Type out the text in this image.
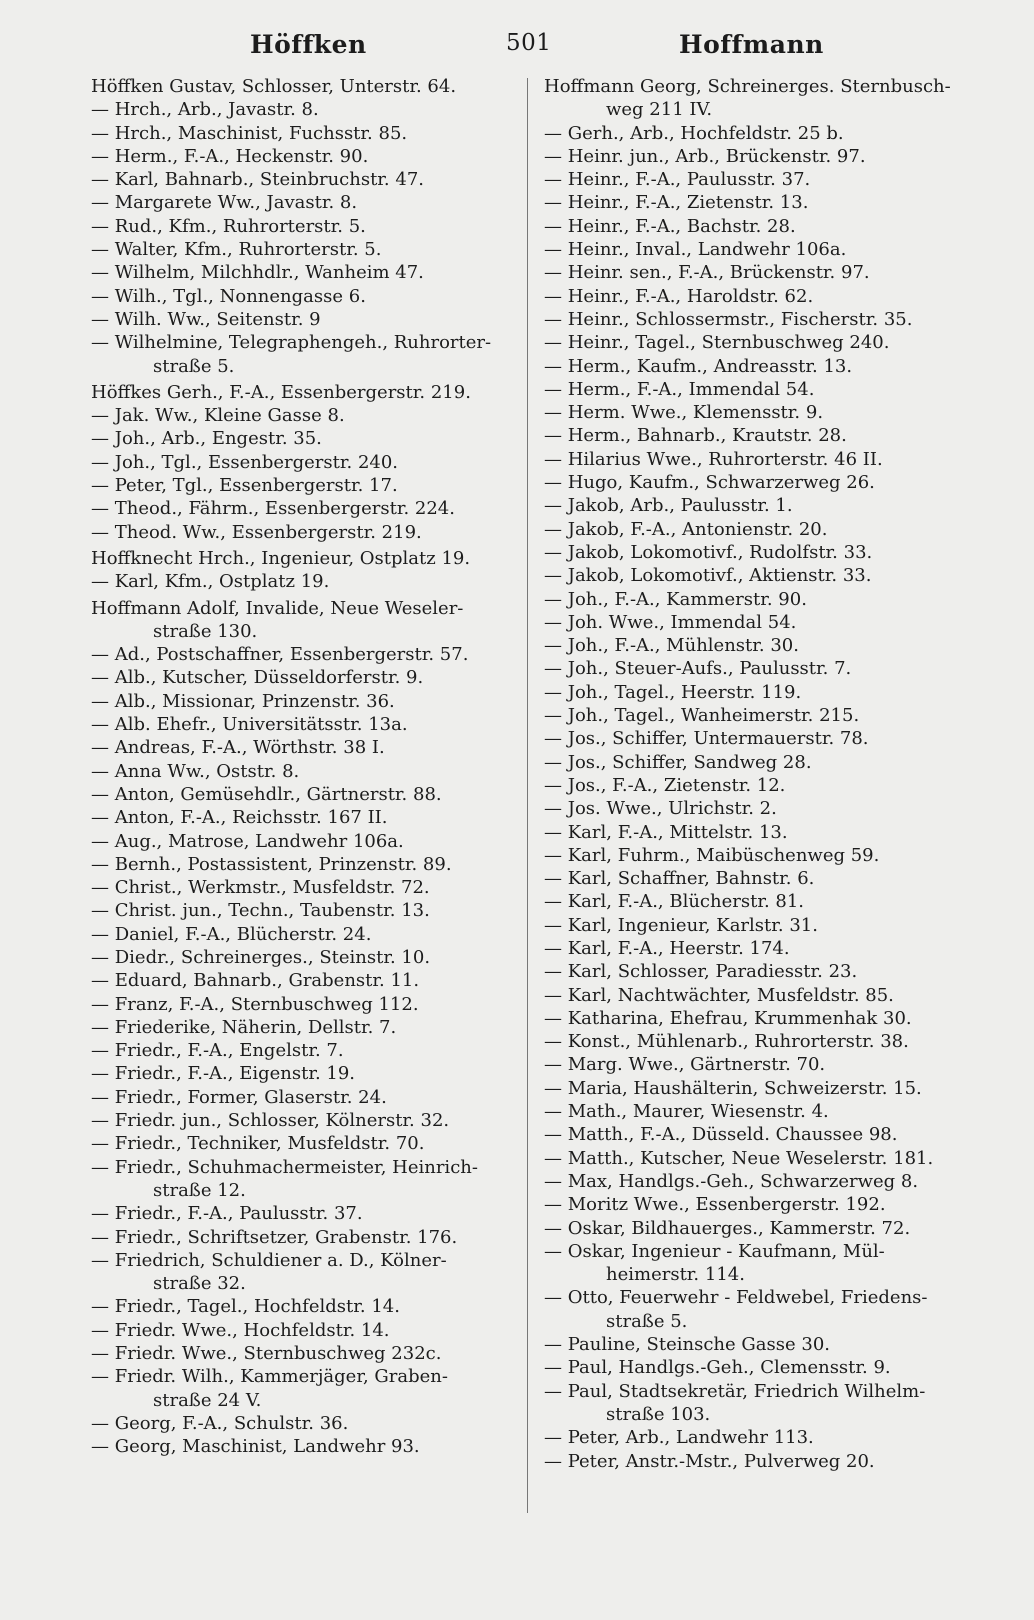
Höffken	501	Hoffmann
Höffken Gustav, Schlosser, Unterstr. 64.
— Hrch., Arb., Javastr. 8.
— Hrch., Maschinist, Fuchsstr. 85.
— Herm., F.-A., Heckenstr. 90.
— Karl, Bahnarb., Steinbruchstr. 47.
— Margarete Ww., Javastr. 8.
— Rud., Kfm., Ruhrorterstr. 5.
— Walter, Kfm., Ruhrorterstr. 5.
— Wilhelm, Milchhdlr., Wanheim 47.
— Wilh., Tgl., Nonnengasse 6.
— Wilh. Ww., Seitenstr. 9
— Wilhelmine, Telegraphengeh., Ruhrorter-
straße 5.
Höffkes Gerh., F.-A., Essenbergerstr. 219.
— Jak. Ww., Kleine Gasse 8.
— Joh., Arb., Engestr. 35.
— Joh., Tgl., Essenbergerstr. 240.
— Peter, Tgl., Essenbergerstr. 17.
— Theod., Fährm., Essenbergerstr. 224.
— Theod. Ww., Essenbergerstr. 219.
Hoffknecht Hrch., Ingenieur, Ostplatz 19.
— Karl, Kfm., Ostplatz 19.
Hoffmann Adolf, Invalide, Neue Weseler-
straße 130.
— Ad., Postschaffner, Essenbergerstr. 57.
— Alb., Kutscher, Düsseldorferstr. 9.
— Alb., Missionar, Prinzenstr. 36.
— Alb. Ehefr., Universitätsstr. 13a.
— Andreas, F.-A., Wörthstr. 38 I.
— Anna Ww., Oststr. 8.
— Anton, Gemüsehdlr., Gärtnerstr. 88.
— Anton, F.-A., Reichsstr. 167 II.
— Aug., Matrose, Landwehr 106a.
— Bernh., Postassistent, Prinzenstr. 89.
— Christ., Werkmstr., Musfeldstr. 72.
— Christ. jun., Techn., Taubenstr. 13.
— Daniel, F.-A., Blücherstr. 24.
— Diedr., Schreinerges., Steinstr. 10.
— Eduard, Bahnarb., Grabenstr. 11.
— Franz, F.-A., Sternbuschweg 112.
— Friederike, Näherin, Dellstr. 7.
— Friedr., F.-A., Engelstr. 7.
— Friedr., F.-A., Eigenstr. 19.
— Friedr., Former, Glaserstr. 24.
— Friedr. jun., Schlosser, Kölnerstr. 32.
— Friedr., Techniker, Musfeldstr. 70.
— Friedr., Schuhmachermeister, Heinrich-
straße 12.
— Friedr., F.-A., Paulusstr. 37.
— Friedr., Schriftsetzer, Grabenstr. 176.
— Friedrich, Schuldiener a. D., Kölner-
straße 32.
— Friedr., Tagel., Hochfeldstr. 14.
— Friedr. Wwe., Hochfeldstr. 14.
— Friedr. Wwe., Sternbuschweg 232c.
— Friedr. Wilh., Kammerjäger, Graben-
straße 24 V.
— Georg, F.-A., Schulstr. 36.
— Georg, Maschinist, Landwehr 93.
Hoffmann Georg, Schreinerges. Sternbusch-
weg 211 IV.
— Gerh., Arb., Hochfeldstr. 25 b.
— Heinr. jun., Arb., Brückenstr. 97.
— Heinr., F.-A., Paulusstr. 37.
— Heinr., F.-A., Zietenstr. 13.
— Heinr., F.-A., Bachstr. 28.
— Heinr., Inval., Landwehr 106a.
— Heinr. sen., F.-A., Brückenstr. 97.
— Heinr., F.-A., Haroldstr. 62.
— Heinr., Schlossermstr., Fischerstr. 35.
— Heinr., Tagel., Sternbuschweg 240.
— Herm., Kaufm., Andreasstr. 13.
— Herm., F.-A., Immendal 54.
— Herm. Wwe., Klemensstr. 9.
— Herm., Bahnarb., Krautstr. 28.
— Hilarius Wwe., Ruhrorterstr. 46 II.
— Hugo, Kaufm., Schwarzerweg 26.
— Jakob, Arb., Paulusstr. 1.
— Jakob, F.-A., Antonienstr. 20.
— Jakob, Lokomotivf., Rudolfstr. 33.
— Jakob, Lokomotivf., Aktienstr. 33.
— Joh., F.-A., Kammerstr. 90.
— Joh. Wwe., Immendal 54.
— Joh., F.-A., Mühlenstr. 30.
— Joh., Steuer-Aufs., Paulusstr. 7.
— Joh., Tagel., Heerstr. 119.
— Joh., Tagel., Wanheimerstr. 215.
— Jos., Schiffer, Untermauerstr. 78.
— Jos., Schiffer, Sandweg 28.
— Jos., F.-A., Zietenstr. 12.
— Jos. Wwe., Ulrichstr. 2.
— Karl, F.-A., Mittelstr. 13.
— Karl, Fuhrm., Maibüschenweg 59.
— Karl, Schaffner, Bahnstr. 6.
— Karl, F.-A., Blücherstr. 81.
— Karl, Ingenieur, Karlstr. 31.
— Karl, F.-A., Heerstr. 174.
— Karl, Schlosser, Paradiesstr. 23.
— Karl, Nachtwächter, Musfeldstr. 85.
— Katharina, Ehefrau, Krummenhak 30.
— Konst., Mühlenarb., Ruhrorterstr. 38.
— Marg. Wwe., Gärtnerstr. 70.
— Maria, Haushälterin, Schweizerstr. 15.
— Math., Maurer, Wiesenstr. 4.
— Matth., F.-A., Düsseld. Chaussee 98.
— Matth., Kutscher, Neue Weselerstr. 181.
— Max, Handlgs.-Geh., Schwarzerweg 8.
— Moritz Wwe., Essenbergerstr. 192.
— Oskar, Bildhauerges., Kammerstr. 72.
— Oskar, Ingenieur - Kaufmann, Mül-
heimerstr. 114.
— Otto, Feuerwehr - Feldwebel, Friedens-
straße 5.
— Pauline, Steinsche Gasse 30.
— Paul, Handlgs.-Geh., Clemensstr. 9.
— Paul, Stadtsekretär, Friedrich Wilhelm-
straße 103.
— Peter, Arb., Landwehr 113.
— Peter, Anstr.-Mstr., Pulverweg 20.
